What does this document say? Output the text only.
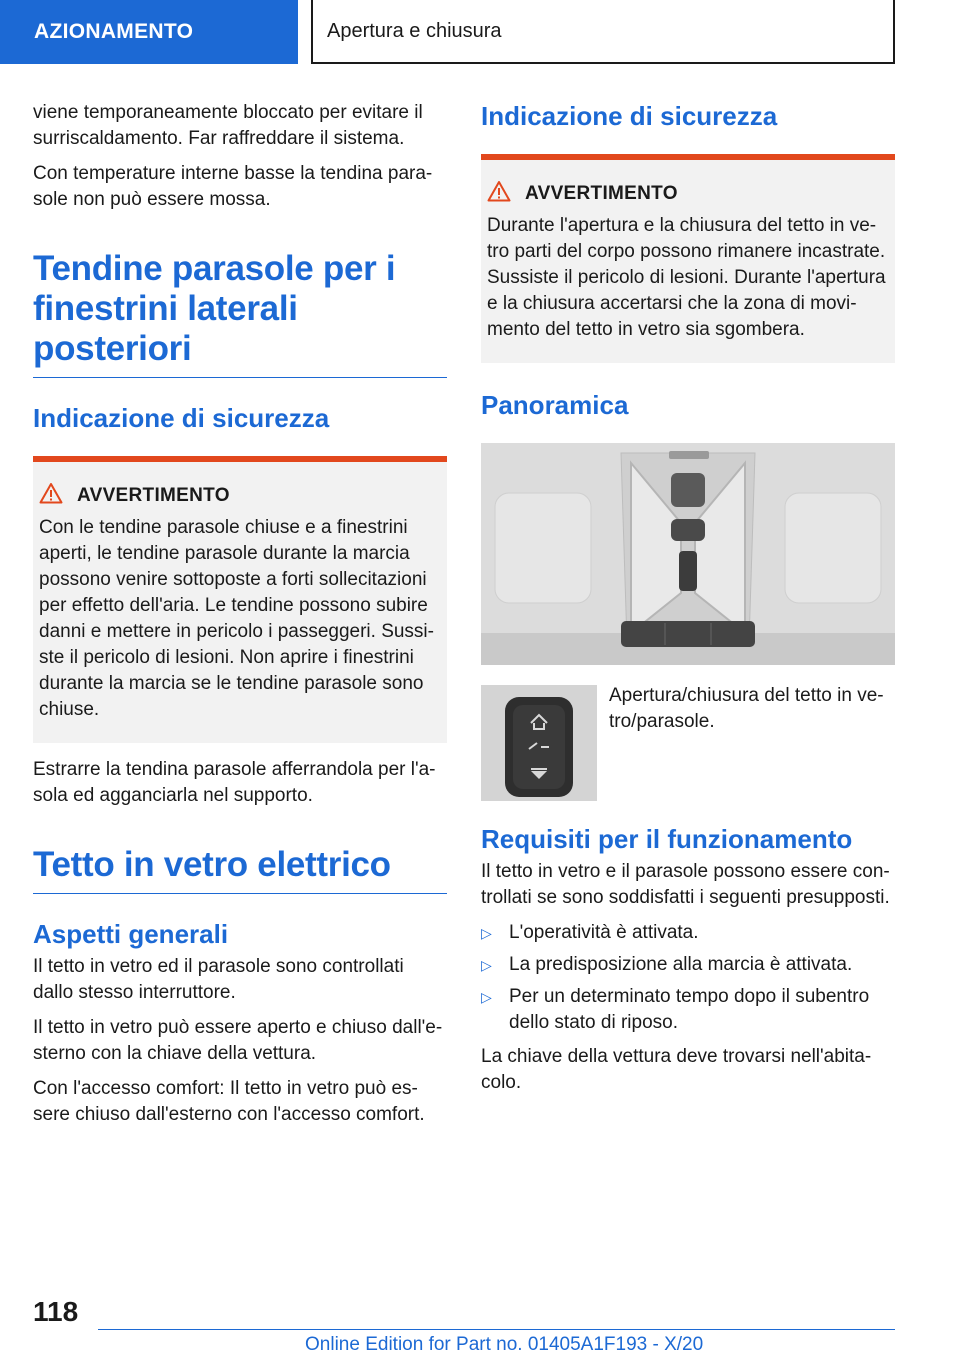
AZIONAMENTO	Apertura e chiusura

viene temporaneamente bloccato per evitare il surriscaldamento. Far raffreddare il sistema.

Con temperature interne basse la tendina para-sole non può essere mossa.

Tendine parasole per i finestrini laterali posteriori
Indicazione di sicurezza
AVVERTIMENTO

Con le tendine parasole chiuse e a finestrini aperti, le tendine parasole durante la marcia possono venire sottoposte a forti sollecitazioni per effetto dell'aria. Le tendine possono subire danni e mettere in pericolo i passeggeri. Sussi-ste il pericolo di lesioni. Non aprire i finestrini durante la marcia se le tendine parasole sono chiuse.

Estrarre la tendina parasole afferrandola per l'a-sola ed agganciarla nel supporto.

Tetto in vetro elettrico
Aspetti generali

Il tetto in vetro ed il parasole sono controllati dallo stesso interruttore.

Il tetto in vetro può essere aperto e chiuso dall'e-sterno con la chiave della vettura.

Con l'accesso comfort: Il tetto in vetro può es-sere chiuso dall'esterno con l'accesso comfort.

Indicazione di sicurezza
AVVERTIMENTO

Durante l'apertura e la chiusura del tetto in ve-tro parti del corpo possono rimanere incastrate. Sussiste il pericolo di lesioni. Durante l'apertura e la chiusura accertarsi che la zona di movi-mento del tetto in vetro sia sgombera.

Panoramica

Apertura/chiusura del tetto in ve-tro/parasole.

Requisiti per il funzionamento

Il tetto in vetro e il parasole possono essere con-trollati se sono soddisfatti i seguenti presupposti.

▷ L'operatività è attivata.
▷ La predisposizione alla marcia è attivata.
▷ Per un determinato tempo dopo il subentro dello stato di riposo.

La chiave della vettura deve trovarsi nell'abita-colo.

118
Online Edition for Part no. 01405A1F193 - X/20
